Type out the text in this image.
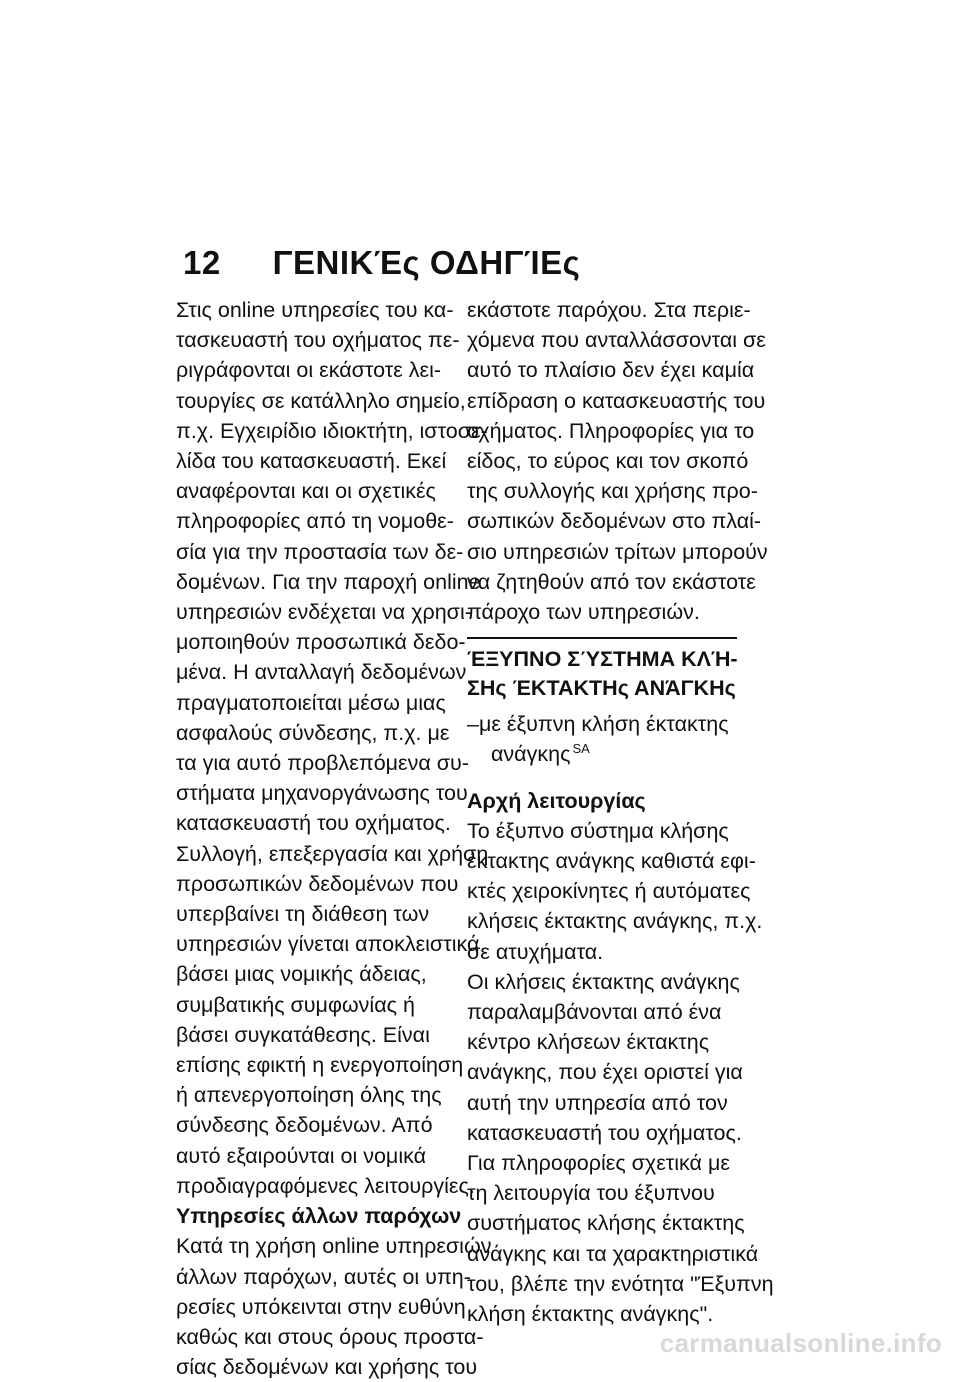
12 ΓΕΝΙΚΈς ΟΔΗΓΊΕς
Στις online υπηρεσίες του κα-
τασκευαστή του οχήματος πε-
ριγράφονται οι εκάστοτε λει-
τουργίες σε κατάλληλο σημείο,
π.χ. Εγχειρίδιο ιδιοκτήτη, ιστοσε-
λίδα του κατασκευαστή. Εκεί
αναφέρονται και οι σχετικές
πληροφορίες από τη νομοθε-
σία για την προστασία των δε-
δομένων. Για την παροχή online
υπηρεσιών ενδέχεται να χρησι-
μοποιηθούν προσωπικά δεδο-
μένα. Η ανταλλαγή δεδομένων
πραγματοποιείται μέσω μιας
ασφαλούς σύνδεσης, π.χ. με
τα για αυτό προβλεπόμενα συ-
στήματα μηχανοργάνωσης του
κατασκευαστή του οχήματος.
Συλλογή, επεξεργασία και χρήση
προσωπικών δεδομένων που
υπερβαίνει τη διάθεση των
υπηρεσιών γίνεται αποκλειστικά
βάσει μιας νομικής άδειας,
συμβατικής συμφωνίας ή
βάσει συγκατάθεσης. Είναι
επίσης εφικτή η ενεργοποίηση
ή απενεργοποίηση όλης της
σύνδεσης δεδομένων. Από
αυτό εξαιρούνται οι νομικά
προδιαγραφόμενες λειτουργίες.
Υπηρεσίες άλλων παρόχων
Κατά τη χρήση online υπηρεσιών
άλλων παρόχων, αυτές οι υπη-
ρεσίες υπόκεινται στην ευθύνη
καθώς και στους όρους προστα-
σίας δεδομένων και χρήσης του
εκάστοτε παρόχου. Στα περιε-
χόμενα που ανταλλάσσονται σε
αυτό το πλαίσιο δεν έχει καμία
επίδραση ο κατασκευαστής του
οχήματος. Πληροφορίες για το
είδος, το εύρος και τον σκοπό
της συλλογής και χρήσης προ-
σωπικών δεδομένων στο πλαί-
σιο υπηρεσιών τρίτων μπορούν
να ζητηθούν από τον εκάστοτε
πάροχο των υπηρεσιών.
ΈΞΥΠΝΟ ΣΎΣΤΗΜΑ ΚΛΉ-
ΣΗς ΈΚΤΑΚΤΗς ΑΝΆΓΚΗς
–με έξυπνη κλήση έκτακτης
ανάγκης $^{SA}$
Αρχή λειτουργίας
Το έξυπνο σύστημα κλήσης
έκτακτης ανάγκης καθιστά εφι-
κτές χειροκίνητες ή αυτόματες
κλήσεις έκτακτης ανάγκης, π.χ.
σε ατυχήματα.
Οι κλήσεις έκτακτης ανάγκης
παραλαμβάνονται από ένα
κέντρο κλήσεων έκτακτης
ανάγκης, που έχει οριστεί για
αυτή την υπηρεσία από τον
κατασκευαστή του οχήματος.
Για πληροφορίες σχετικά με
τη λειτουργία του έξυπνου
συστήματος κλήσης έκτακτης
ανάγκης και τα χαρακτηριστικά
του, βλέπε την ενότητα "Έξυπνη
κλήση έκτακτης ανάγκης".
carmanualsonline.info
